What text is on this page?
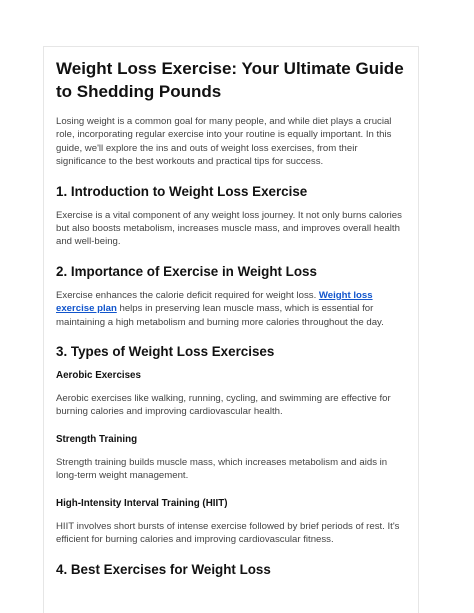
Weight Loss Exercise: Your Ultimate Guide to Shedding Pounds

Losing weight is a common goal for many people, and while diet plays a crucial role, incorporating regular exercise into your routine is equally important. In this guide, we'll explore the ins and outs of weight loss exercises, from their significance to the best workouts and practical tips for success.

1. Introduction to Weight Loss Exercise

Exercise is a vital component of any weight loss journey. It not only burns calories but also boosts metabolism, increases muscle mass, and improves overall health and well-being.

2. Importance of Exercise in Weight Loss

Exercise enhances the calorie deficit required for weight loss. Weight loss exercise plan helps in preserving lean muscle mass, which is essential for maintaining a high metabolism and burning more calories throughout the day.

3. Types of Weight Loss Exercises
Aerobic Exercises

Aerobic exercises like walking, running, cycling, and swimming are effective for burning calories and improving cardiovascular health.

Strength Training

Strength training builds muscle mass, which increases metabolism and aids in long-term weight management.

High-Intensity Interval Training (HIIT)

HIIT involves short bursts of intense exercise followed by brief periods of rest. It's efficient for burning calories and improving cardiovascular fitness.

4. Best Exercises for Weight Loss
